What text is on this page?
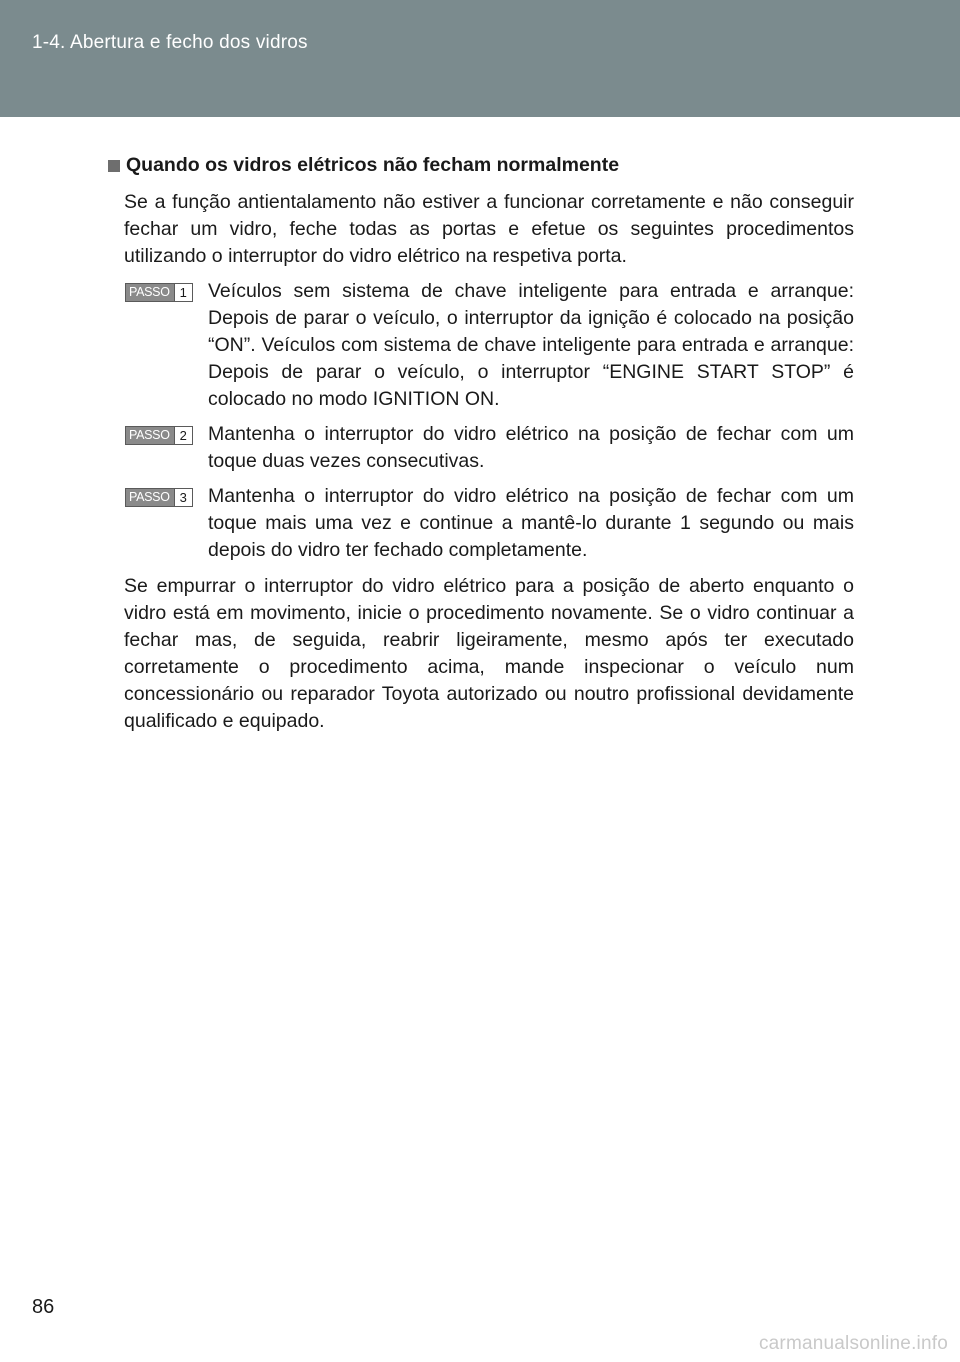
1-4. Abertura e fecho dos vidros
Quando os vidros elétricos não fecham normalmente

Se a função antientalamento não estiver a funcionar corretamente e não conseguir fechar um vidro, feche todas as portas e efetue os seguintes procedimentos utilizando o interruptor do vidro elétrico na respetiva porta.

PASSO 1 Veículos sem sistema de chave inteligente para entrada e arranque: Depois de parar o veículo, o interruptor da ignição é colocado na posição “ON”. Veículos com sistema de chave inteligente para entrada e arranque: Depois de parar o veículo, o interruptor “ENGINE START STOP” é colocado no modo IGNITION ON.
PASSO 2 Mantenha o interruptor do vidro elétrico na posição de fechar com um toque duas vezes consecutivas.
PASSO 3 Mantenha o interruptor do vidro elétrico na posição de fechar com um toque mais uma vez e continue a mantê-lo durante 1 segundo ou mais depois do vidro ter fechado completamente.

Se empurrar o interruptor do vidro elétrico para a posição de aberto enquanto o vidro está em movimento, inicie o procedimento novamente. Se o vidro continuar a fechar mas, de seguida, reabrir ligeiramente, mesmo após ter executado corretamente o procedimento acima, mande inspecionar o veículo num concessionário ou reparador Toyota autorizado ou noutro profissional devidamente qualificado e equipado.

86
carmanualsonline.info
